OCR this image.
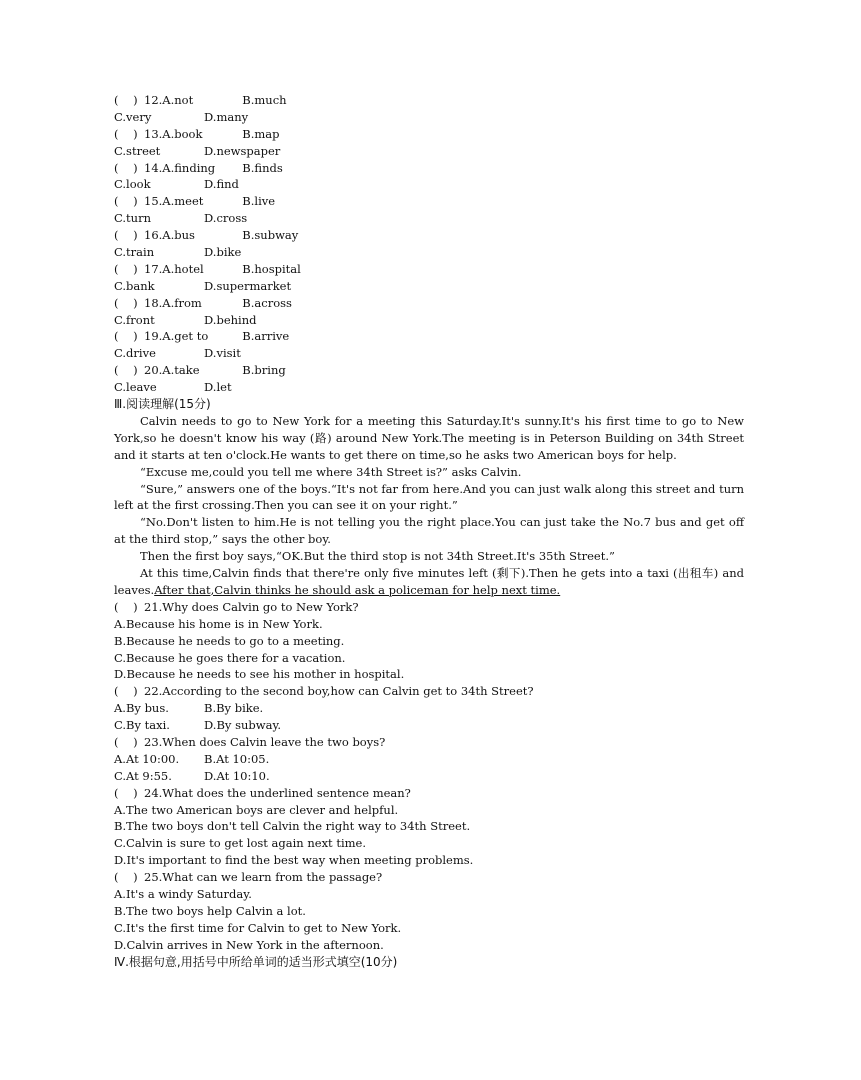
(    ) 12.A.not	B.much
C.very	D.many
(    ) 13.A.book	B.map
C.street	D.newspaper
(    ) 14.A.finding B.finds
C.look	D.find
(    ) 15.A.meet	B.live
C.turn	D.cross
(    ) 16.A.bus	B.subway
C.train	D.bike
(    ) 17.A.hotel	B.hospital
C.bank	D.supermarket
(    ) 18.A.from	B.across
C.front	D.behind
(    ) 19.A.get to	B.arrive
C.drive	D.visit
(    ) 20.A.take	B.bring
C.leave	D.let
Ⅲ.阅读理解(15分)
Calvin needs to go to New York for a meeting this Saturday.It's sunny.It's his first time to go to New York,so he doesn't know his way (路) around New York.The meeting is in Peterson Building on 34th Street and it starts at ten o'clock.He wants to get there on time,so he asks two American boys for help.
“Excuse me,could you tell me where 34th Street is?” asks Calvin.
“Sure,” answers one of the boys.“It's not far from here.And you can just walk along this street and turn left at the first crossing.Then you can see it on your right.”
“No.Don't listen to him.He is not telling you the right place.You can just take the No.7 bus and get off at the third stop,” says the other boy.
Then the first boy says,“OK.But the third stop is not 34th Street.It's 35th Street.”
At this time,Calvin finds that there're only five minutes left (剩下).Then he gets into a taxi (出租车) and leaves.After that,Calvin thinks he should ask a policeman for help next time.
(    ) 21.Why does Calvin go to New York?
A.Because his home is in New York.
B.Because he needs to go to a meeting.
C.Because he goes there for a vacation.
D.Because he needs to see his mother in hospital.
(    ) 22.According to the second boy,how can Calvin get to 34th Street?
A.By bus.	B.By bike.
C.By taxi.	D.By subway.
(    ) 23.When does Calvin leave the two boys?
A.At 10:00. B.At 10:05.
C.At 9:55.	D.At 10:10.
(    ) 24.What does the underlined sentence mean?
A.The two American boys are clever and helpful.
B.The two boys don't tell Calvin the right way to 34th Street.
C.Calvin is sure to get lost again next time.
D.It's important to find the best way when meeting problems.
(    ) 25.What can we learn from the passage?
A.It's a windy Saturday.
B.The two boys help Calvin a lot.
C.It's the first time for Calvin to get to New York.
D.Calvin arrives in New York in the afternoon.
Ⅳ.根据句意,用括号中所给单词的适当形式填空(10分)
